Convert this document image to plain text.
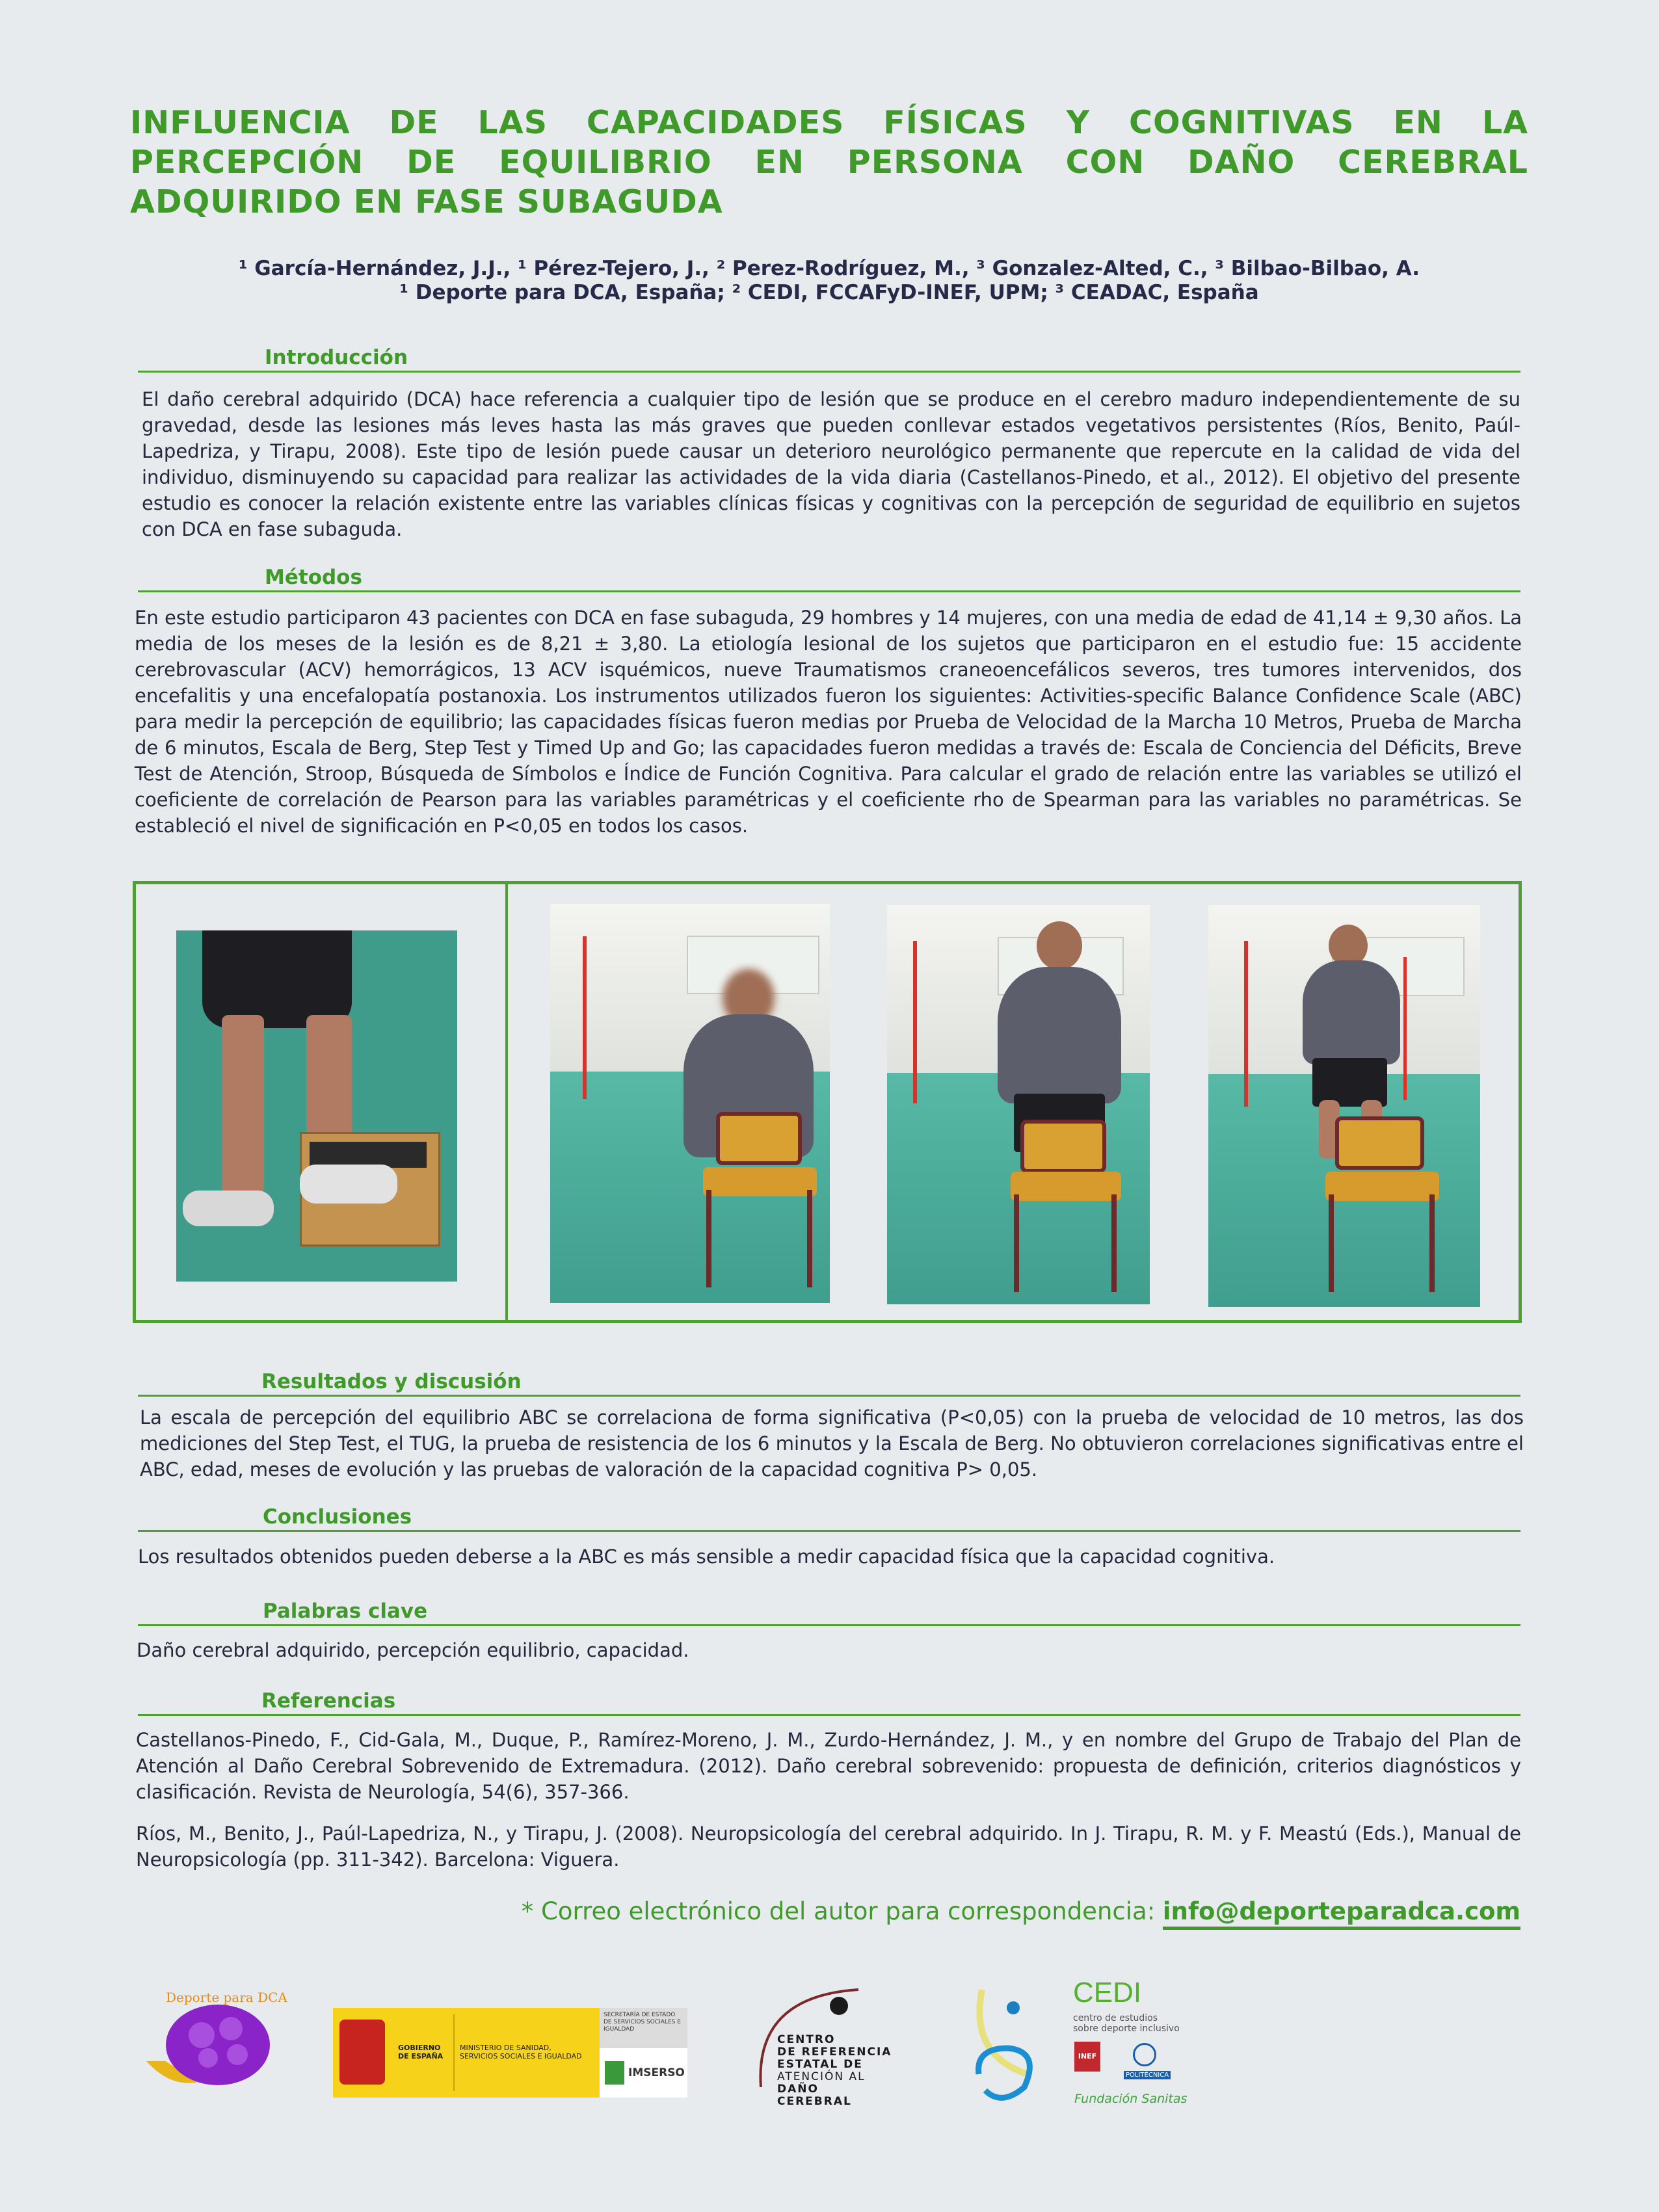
INFLUENCIA DE LAS CAPACIDADES FÍSICAS Y COGNITIVAS EN LA PERCEPCIÓN DE EQUILIBRIO EN PERSONA CON DAÑO CEREBRAL ADQUIRIDO EN FASE SUBAGUDA
¹ García-Hernández, J.J., ¹ Pérez-Tejero, J., ² Perez-Rodríguez, M., ³ Gonzalez-Alted, C., ³ Bilbao-Bilbao, A.
¹ Deporte para DCA, España; ² CEDI, FCCAFyD-INEF, UPM; ³ CEADAC, España
Introducción
El daño cerebral adquirido (DCA) hace referencia a cualquier tipo de lesión que se produce en el cerebro maduro independientemente de su gravedad, desde las lesiones más leves hasta las más graves que pueden conllevar estados vegetativos persistentes (Ríos, Benito, Paúl-Lapedriza, y Tirapu, 2008). Este tipo de lesión puede causar un deterioro neurológico permanente que repercute en la calidad de vida del individuo, disminuyendo su capacidad para realizar las actividades de la vida diaria (Castellanos-Pinedo, et al., 2012). El objetivo del presente estudio es conocer la relación existente entre las variables clínicas físicas y cognitivas con la percepción de seguridad de equilibrio en sujetos con DCA en fase subaguda.
Métodos
En este estudio participaron 43 pacientes con DCA en fase subaguda, 29 hombres y 14 mujeres, con una media de edad de 41,14 ± 9,30 años. La media de los meses de la lesión es de 8,21 ± 3,80. La etiología lesional de los sujetos que participaron en el estudio fue: 15 accidente cerebrovascular (ACV) hemorrágicos, 13 ACV isquémicos, nueve Traumatismos craneoencefálicos severos, tres tumores intervenidos, dos encefalitis y una encefalopatía postanoxia. Los instrumentos utilizados fueron los siguientes: Activities-specific Balance Confidence Scale (ABC) para medir la percepción de equilibrio; las capacidades físicas fueron medias por Prueba de Velocidad de la Marcha 10 Metros, Prueba de Marcha de 6 minutos, Escala de Berg, Step Test y Timed Up and Go; las capacidades fueron medidas a través de: Escala de Conciencia del Déficits, Breve Test de Atención, Stroop, Búsqueda de Símbolos e Índice de Función Cognitiva. Para calcular el grado de relación entre las variables se utilizó el coeficiente de correlación de Pearson para las variables paramétricas y el coeficiente rho de Spearman para las variables no paramétricas. Se estableció el nivel de significación en P<0,05 en todos los casos.
Resultados y discusión
La escala de percepción del equilibrio ABC se correlaciona de forma significativa (P<0,05) con la prueba de velocidad de 10 metros, las dos mediciones del Step Test, el TUG, la prueba de resistencia de los 6 minutos y la Escala de Berg. No obtuvieron correlaciones significativas entre el ABC, edad, meses de evolución y las pruebas de valoración de la capacidad cognitiva P> 0,05.
Conclusiones
Los resultados obtenidos pueden deberse a la ABC es más sensible a medir capacidad física que la capacidad cognitiva.
Palabras clave
Daño cerebral adquirido, percepción equilibrio, capacidad.
Referencias
Castellanos-Pinedo, F., Cid-Gala, M., Duque, P., Ramírez-Moreno, J. M., Zurdo-Hernández, J. M., y en nombre del Grupo de Trabajo del Plan de Atención al Daño Cerebral Sobrevenido de Extremadura. (2012). Daño cerebral sobrevenido: propuesta de definición, criterios diagnósticos y clasificación. Revista de Neurología, 54(6), 357-366.
Ríos, M., Benito, J., Paúl-Lapedriza, N., y Tirapu, J. (2008). Neuropsicología del cerebral adquirido. In J. Tirapu, R. M. y F. Meastú (Eds.), Manual de Neuropsicología (pp. 311-342). Barcelona: Viguera.
* Correo electrónico del autor para correspondencia: info@deporteparadca.com
Deporte para DCA
GOBIERNO DE ESPAÑA
MINISTERIO DE SANIDAD, SERVICIOS SOCIALES E IGUALDAD
SECRETARÍA DE ESTADO DE SERVICIOS SOCIALES E IGUALDAD
IMSERSO
CENTRO
DE REFERENCIA
ESTATAL DE
ATENCIÓN AL
DAÑO CEREBRAL
CEDI
centro de estudios
sobre deporte inclusivo
INEF
POLITÉCNICA
Fundación Sanitas
